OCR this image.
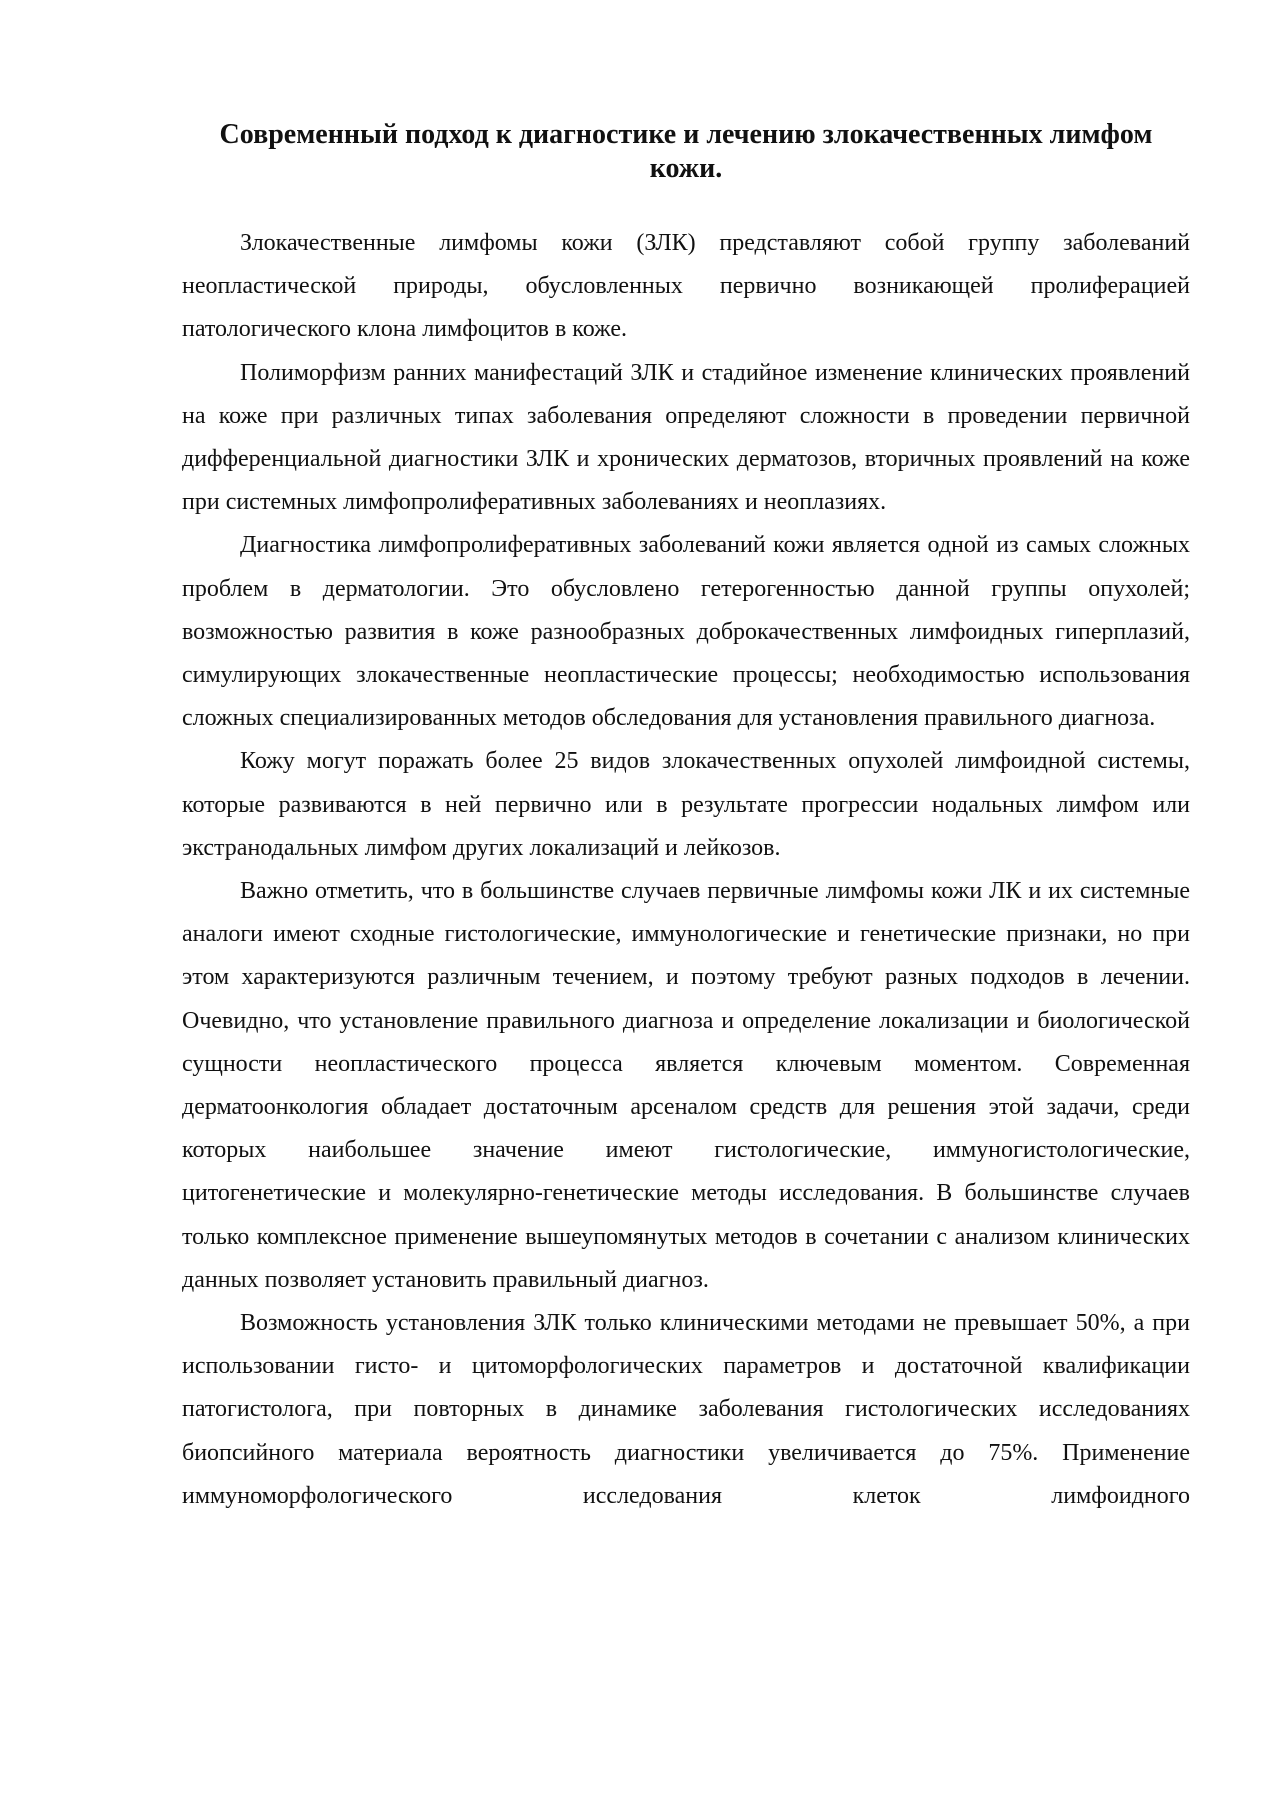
Современный подход к диагностике и лечению злокачественных лимфом кожи.

Злокачественные лимфомы кожи (ЗЛК) представляют собой группу заболеваний неопластической природы, обусловленных первично возникающей пролиферацией патологического клона лимфоцитов в коже.

Полиморфизм ранних манифестаций ЗЛК и стадийное изменение клинических проявлений на коже при различных типах заболевания определяют сложности в проведении первичной дифференциальной диагностики ЗЛК и хронических дерматозов, вторичных проявлений на коже при системных лимфопролиферативных заболеваниях и неоплазиях.

Диагностика лимфопролиферативных заболеваний кожи является одной из самых сложных проблем в дерматологии. Это обусловлено гетерогенностью данной группы опухолей; возможностью развития в коже разнообразных доброкачественных лимфоидных гиперплазий, симулирующих злокачественные неопластические процессы; необходимостью использования сложных специализированных методов обследования для установления правильного диагноза.

Кожу могут поражать более 25 видов злокачественных опухолей лимфоидной системы, которые развиваются в ней первично или в результате прогрессии нодальных лимфом или экстранодальных лимфом других локализаций и лейкозов.

Важно отметить, что в большинстве случаев первичные лимфомы кожи ЛК и их системные аналоги имеют сходные гистологические, иммунологические и генетические признаки, но при этом характеризуются различным течением, и поэтому требуют разных подходов в лечении. Очевидно, что установление правильного диагноза и определение локализации и биологической сущности неопластического процесса является ключевым моментом. Современная дерматоонкология обладает достаточным арсеналом средств для решения этой задачи, среди которых наибольшее значение имеют гистологические, иммуногистологические, цитогенетические и молекулярно-генетические методы исследования. В большинстве случаев только комплексное применение вышеупомянутых методов в сочетании с анализом клинических данных позволяет установить правильный диагноз.

Возможность установления ЗЛК только клиническими методами не превышает 50%, а при использовании гисто- и цитоморфологических параметров и достаточной квалификации патогистолога, при повторных в динамике заболевания гистологических исследованиях биопсийного материала вероятность диагностики увеличивается до 75%. Применение иммуноморфологического исследования клеток лимфоидного
